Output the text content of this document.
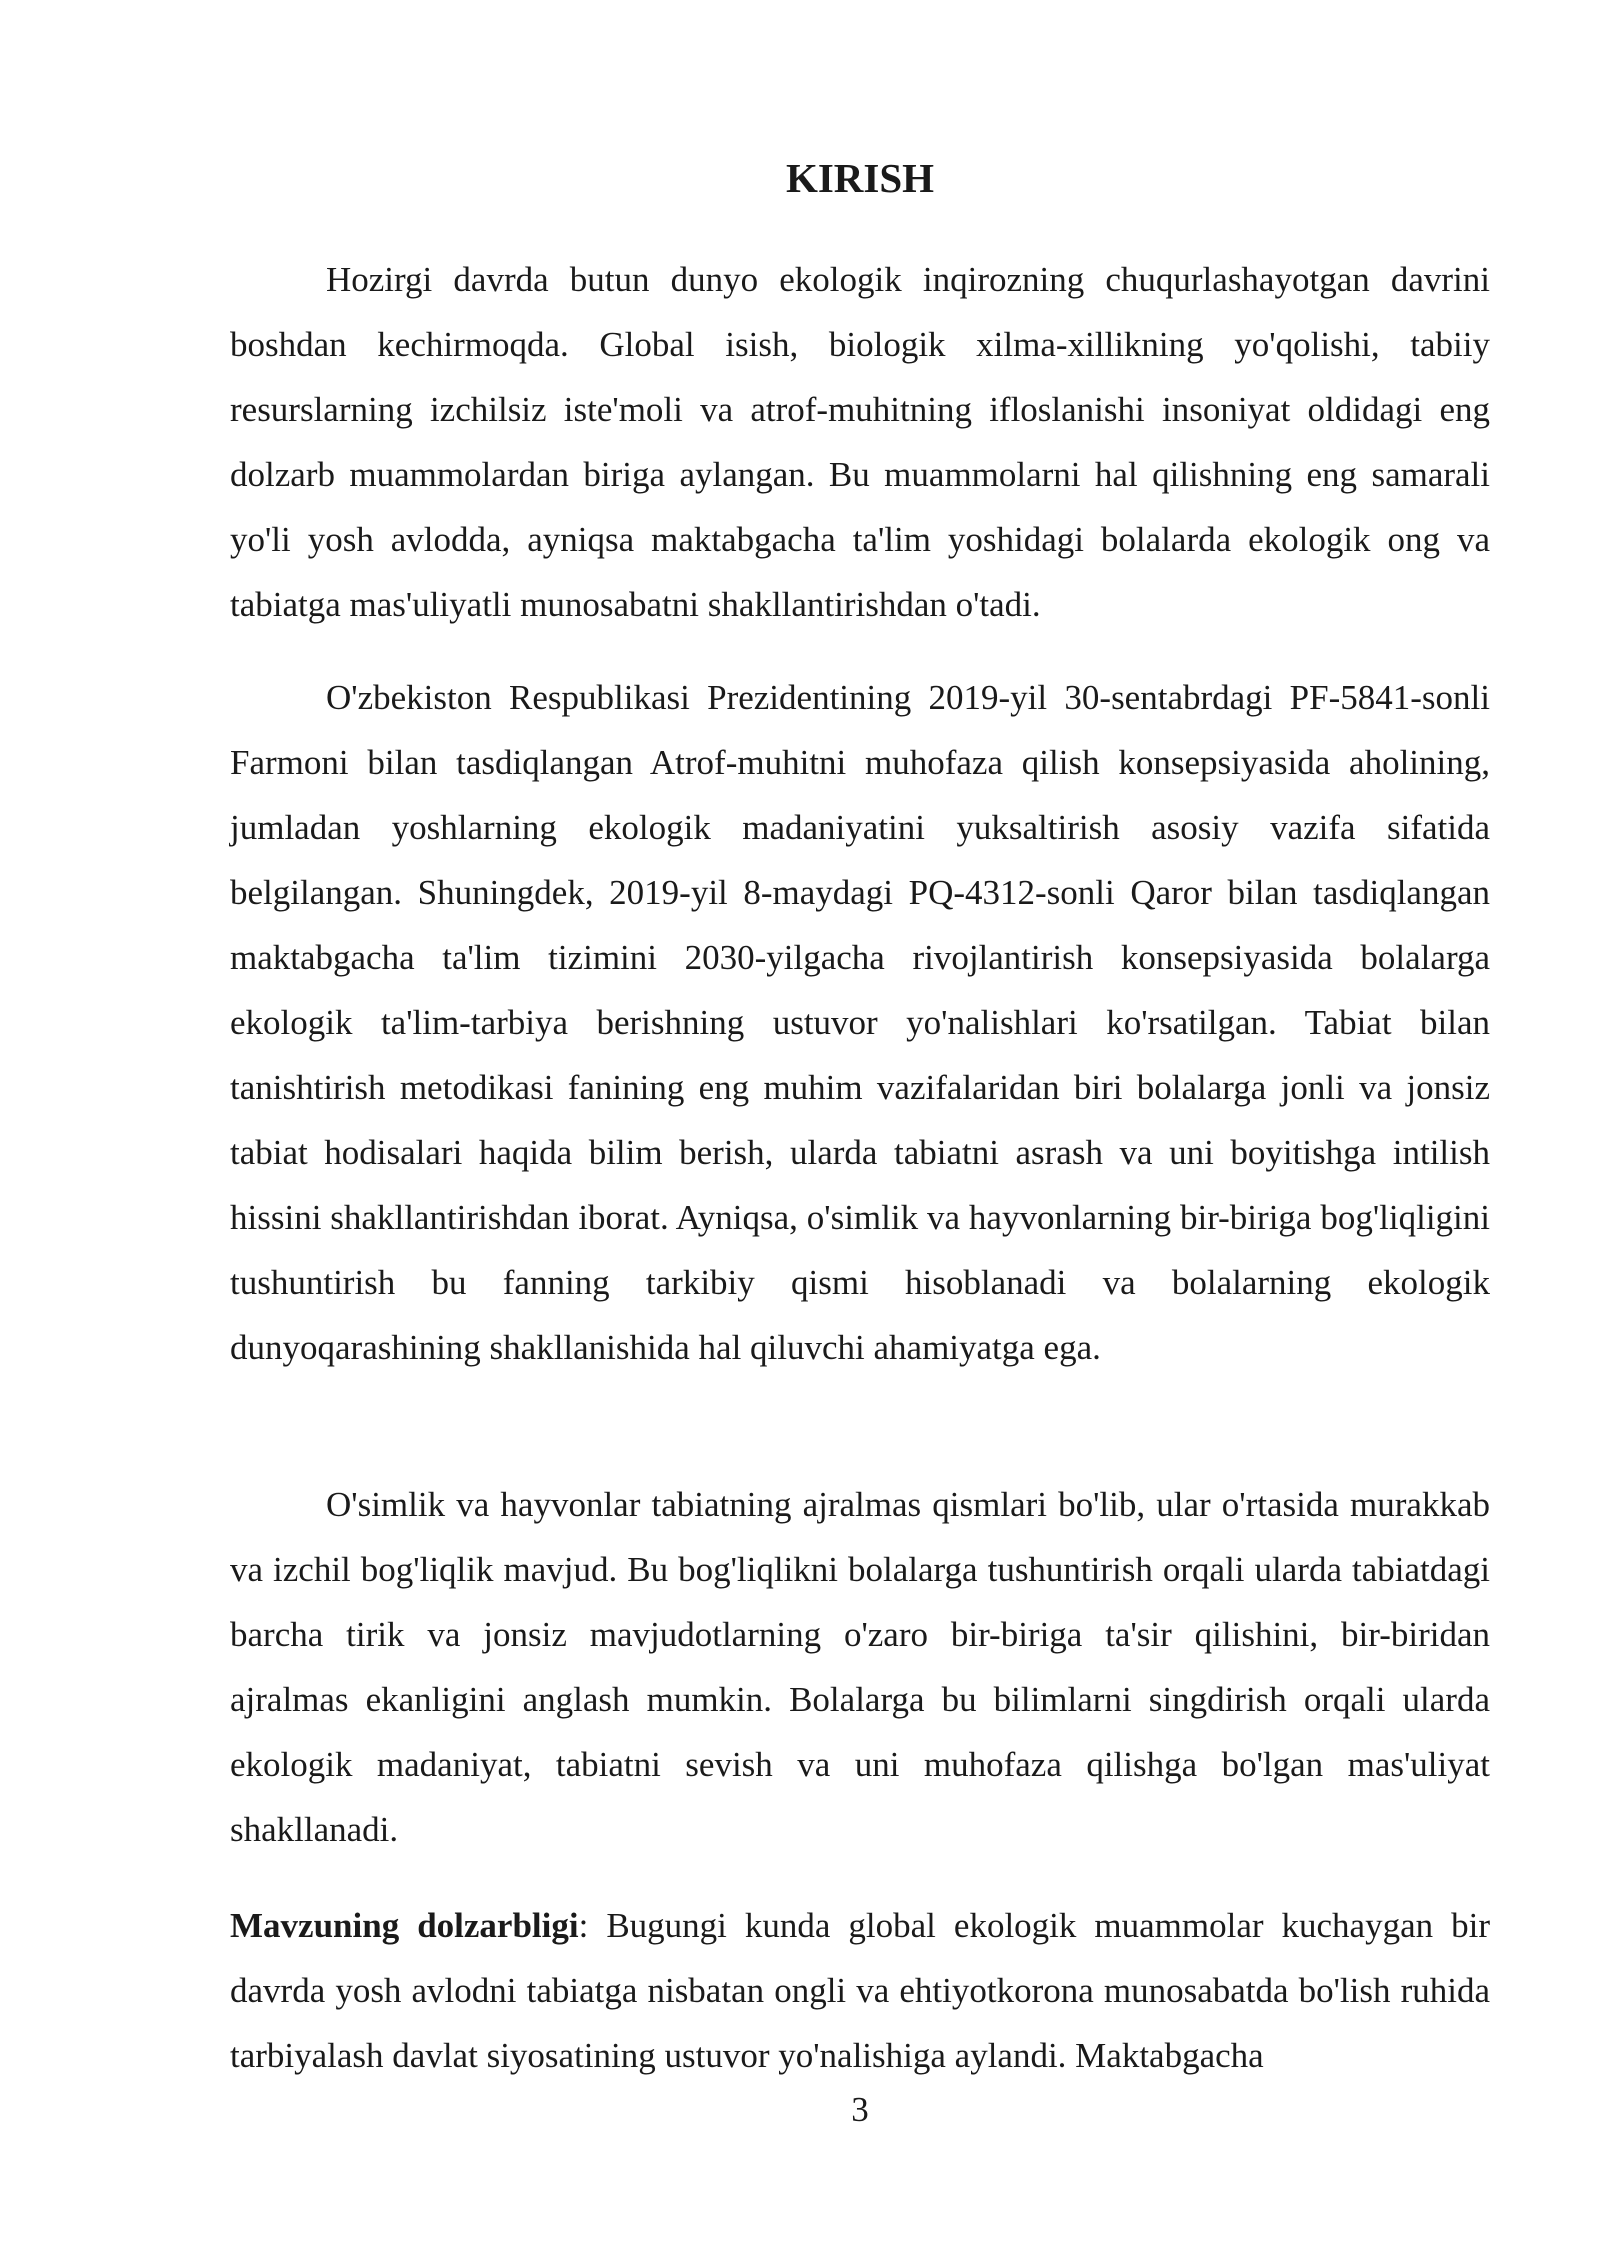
KIRISH

Hozirgi davrda butun dunyo ekologik inqirozning chuqurlashayotgan davrini boshdan kechirmoqda. Global isish, biologik xilma-xillikning yo'qolishi, tabiiy resurslarning izchilsiz iste'moli va atrof-muhitning ifloslanishi insoniyat oldidagi eng dolzarb muammolardan biriga aylangan. Bu muammolarni hal qilishning eng samarali yo'li yosh avlodda, ayniqsa maktabgacha ta'lim yoshidagi bolalarda ekologik ong va tabiatga mas'uliyatli munosabatni shakllantirishdan o'tadi.

O'zbekiston Respublikasi Prezidentining 2019-yil 30-sentabrdagi PF-5841-sonli Farmoni bilan tasdiqlangan Atrof-muhitni muhofaza qilish konsepsiyasida aholining, jumladan yoshlarning ekologik madaniyatini yuksaltirish asosiy vazifa sifatida belgilangan. Shuningdek, 2019-yil 8-maydagi PQ-4312-sonli Qaror bilan tasdiqlangan maktabgacha ta'lim tizimini 2030-yilgacha rivojlantirish konsepsiyasida bolalarga ekologik ta'lim-tarbiya berishning ustuvor yo'nalishlari ko'rsatilgan. Tabiat bilan tanishtirish metodikasi fanining eng muhim vazifalaridan biri bolalarga jonli va jonsiz tabiat hodisalari haqida bilim berish, ularda tabiatni asrash va uni boyitishga intilish hissini shakllantirishdan iborat. Ayniqsa, o'simlik va hayvonlarning bir-biriga bog'liqligini tushuntirish bu fanning tarkibiy qismi hisoblanadi va bolalarning ekologik dunyoqarashining shakllanishida hal qiluvchi ahamiyatga ega.

O'simlik va hayvonlar tabiatning ajralmas qismlari bo'lib, ular o'rtasida murakkab va izchil bog'liqlik mavjud. Bu bog'liqlikni bolalarga tushuntirish orqali ularda tabiatdagi barcha tirik va jonsiz mavjudotlarning o'zaro bir-biriga ta'sir qilishini, bir-biridan ajralmas ekanligini anglash mumkin. Bolalarga bu bilimlarni singdirish orqali ularda ekologik madaniyat, tabiatni sevish va uni muhofaza qilishga bo'lgan mas'uliyat shakllanadi.

Mavzuning dolzarbligi: Bugungi kunda global ekologik muammolar kuchaygan bir davrda yosh avlodni tabiatga nisbatan ongli va ehtiyotkorona munosabatda bo'lish ruhida tarbiyalash davlat siyosatining ustuvor yo'nalishiga aylandi. Maktabgacha

3
